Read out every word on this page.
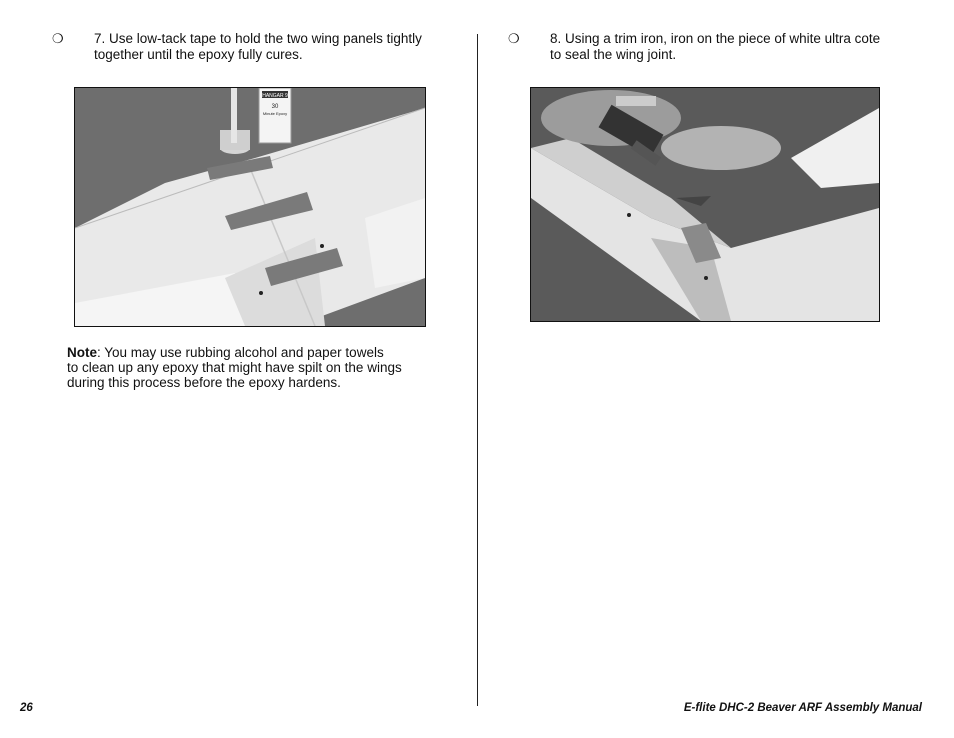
❍ 7. Use low-tack tape to hold the two wing panels tightly
together until the epoxy fully cures.
❍ 8. Using a trim iron, iron on the piece of white ultra cote
to seal the wing joint.
HANGAR 9
30
Minute Epoxy
Note: You may use rubbing alcohol and paper towels
to clean up any epoxy that might have spilt on the wings
during this process before the epoxy hardens.
26	E-flite DHC-2 Beaver ARF Assembly Manual
